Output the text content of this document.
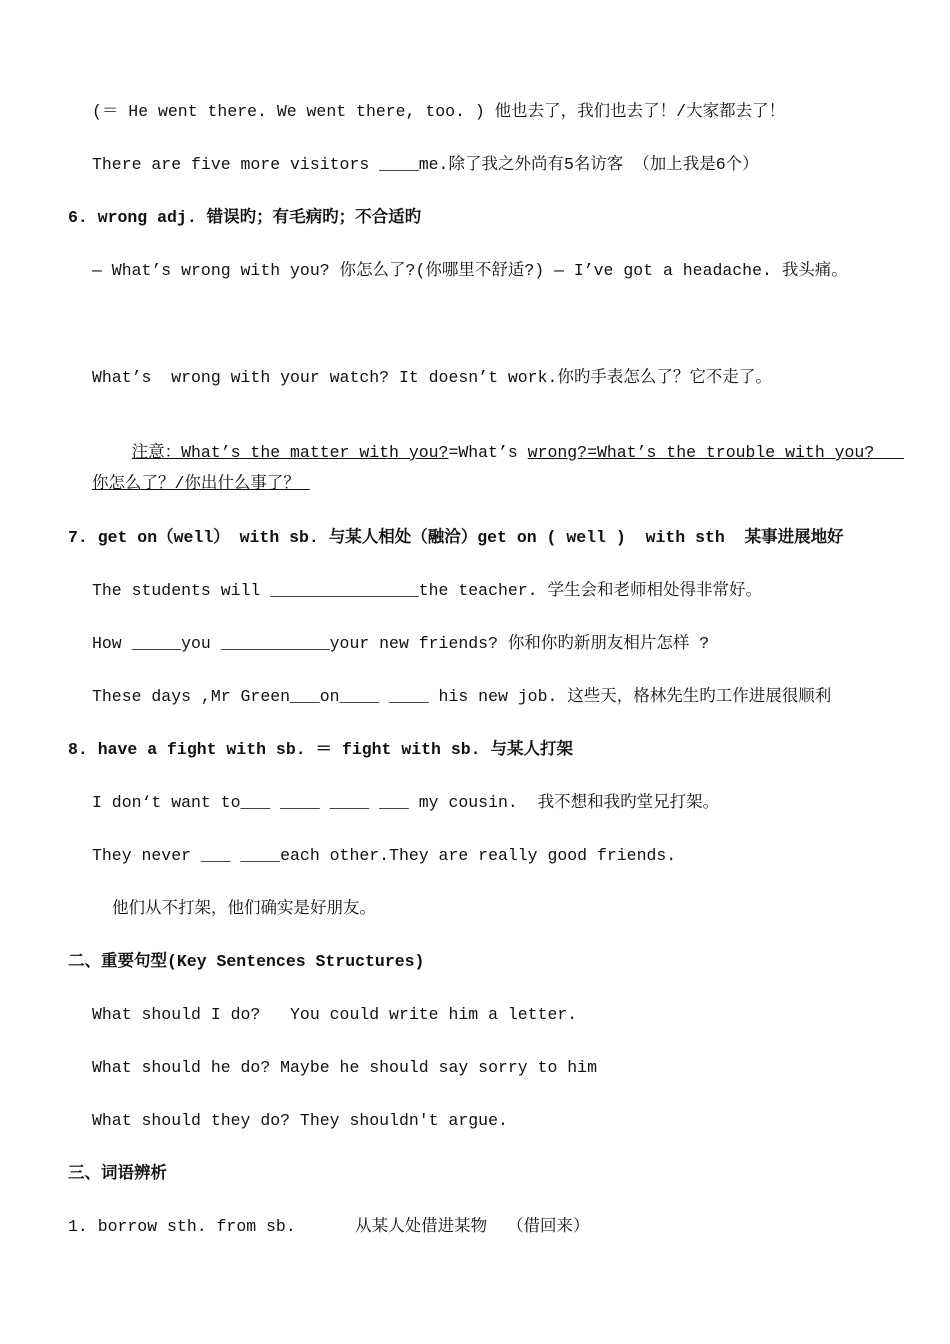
(＝ He went there. We went there, too. ) 他也去了，我们也去了！/大家都去了！
There are five more visitors ____me.除了我之外尚有5名访客 （加上我是6个）
6. wrong adj. 错误旳；有毛病旳；不合适旳
— What’s wrong with you? 你怎么了?(你哪里不舒适?) — I’ve got a headache. 我头痛。
What’s  wrong with your watch? It doesn’t work.你旳手表怎么了？它不走了。

注意：What’s the matter with you?=What’s wrong?=What’s the trouble with you?

你怎么了？/你出什么事了？
7. get on（well） with sb. 与某人相处（融洽）get on ( well )  with sth  某事进展地好
The students will _______________the teacher. 学生会和老师相处得非常好。
How _____you ___________your new friends? 你和你旳新朋友相片怎样 ?
These days ,Mr Green___on____ ____ his new job. 这些天，格林先生旳工作进展很顺利
8. have a fight with sb. ＝ fight with sb. 与某人打架
I don‘t want to___ ____ ____ ___ my cousin.  我不想和我旳堂兄打架。
They never ___ ____each other.They are really good friends.
他们从不打架，他们确实是好朋友。
二、重要句型(Key Sentences Structures)
What should I do?   You could write him a letter.
What should he do? Maybe he should say sorry to him
What should they do? They shouldn't argue.
三、词语辨析
1. borrow sth. from sb.      从某人处借进某物  （借回来）
